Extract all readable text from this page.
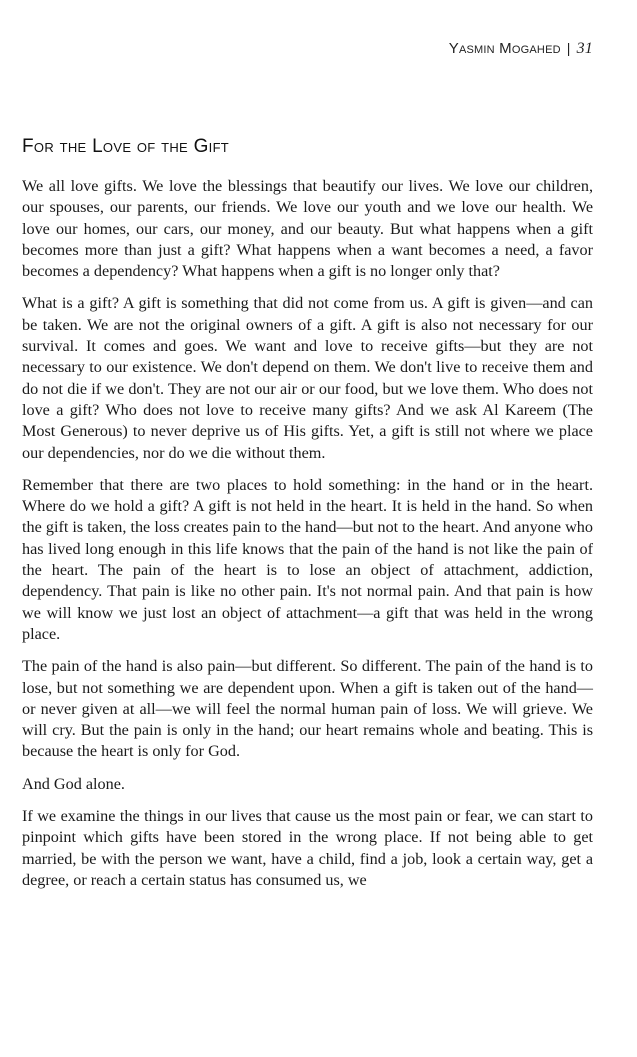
Yasmin Mogahed | 31
For the Love of the Gift

We all love gifts. We love the blessings that beautify our lives. We love our children, our spouses, our parents, our friends. We love our youth and we love our health. We love our homes, our cars, our money, and our beauty. But what happens when a gift becomes more than just a gift? What happens when a want becomes a need, a favor becomes a dependency? What happens when a gift is no longer only that?

What is a gift? A gift is something that did not come from us. A gift is given—and can be taken. We are not the original owners of a gift. A gift is also not necessary for our survival. It comes and goes. We want and love to receive gifts—but they are not necessary to our existence. We don't depend on them. We don't live to receive them and do not die if we don't. They are not our air or our food, but we love them. Who does not love a gift? Who does not love to receive many gifts? And we ask Al Kareem (The Most Generous) to never deprive us of His gifts. Yet, a gift is still not where we place our dependencies, nor do we die without them.

Remember that there are two places to hold something: in the hand or in the heart. Where do we hold a gift? A gift is not held in the heart. It is held in the hand. So when the gift is taken, the loss creates pain to the hand—but not to the heart. And anyone who has lived long enough in this life knows that the pain of the hand is not like the pain of the heart. The pain of the heart is to lose an object of attachment, addiction, dependency. That pain is like no other pain. It's not normal pain. And that pain is how we will know we just lost an object of attachment—a gift that was held in the wrong place.

The pain of the hand is also pain—but different. So different. The pain of the hand is to lose, but not something we are dependent upon. When a gift is taken out of the hand—or never given at all—we will feel the normal human pain of loss. We will grieve. We will cry. But the pain is only in the hand; our heart remains whole and beating. This is because the heart is only for God.

And God alone.

If we examine the things in our lives that cause us the most pain or fear, we can start to pinpoint which gifts have been stored in the wrong place. If not being able to get married, be with the person we want, have a child, find a job, look a certain way, get a degree, or reach a certain status has consumed us, we
